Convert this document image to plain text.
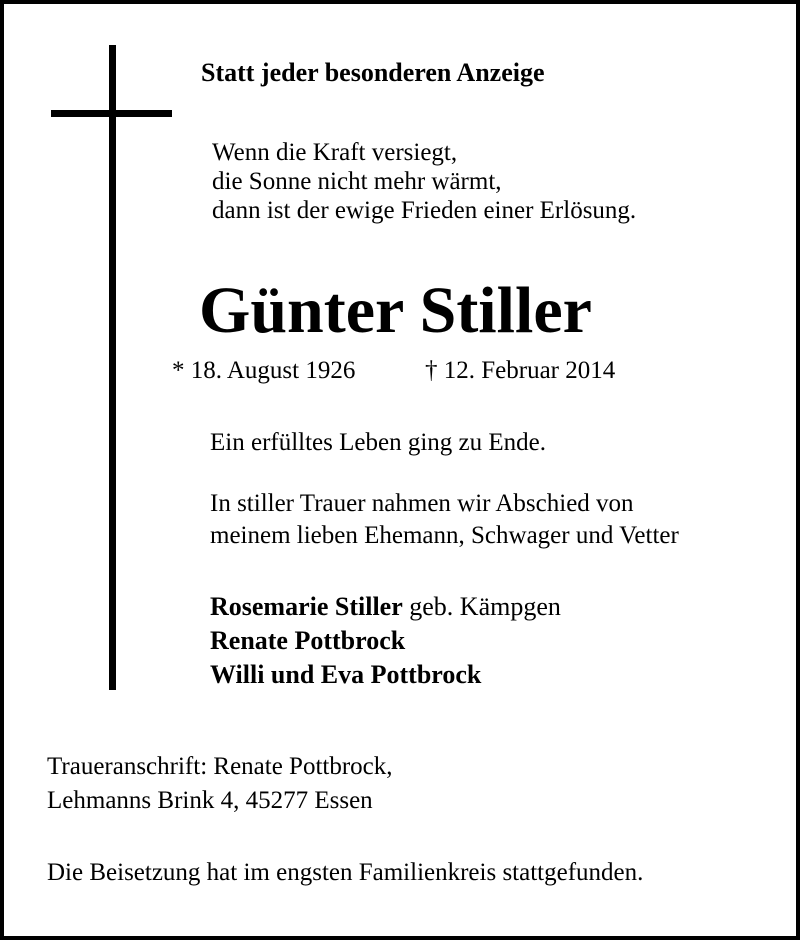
Statt jeder besonderen Anzeige
Wenn die Kraft versiegt,
die Sonne nicht mehr wärmt,
dann ist der ewige Frieden einer Erlösung.
Günter Stiller
* 18. August 1926	† 12. Februar 2014
Ein erfülltes Leben ging zu Ende.
In stiller Trauer nahmen wir Abschied von
meinem lieben Ehemann, Schwager und Vetter
Rosemarie Stiller geb. Kämpgen
Renate Pottbrock
Willi und Eva Pottbrock
Traueranschrift: Renate Pottbrock,
Lehmanns Brink 4, 45277 Essen
Die Beisetzung hat im engsten Familienkreis stattgefunden.
